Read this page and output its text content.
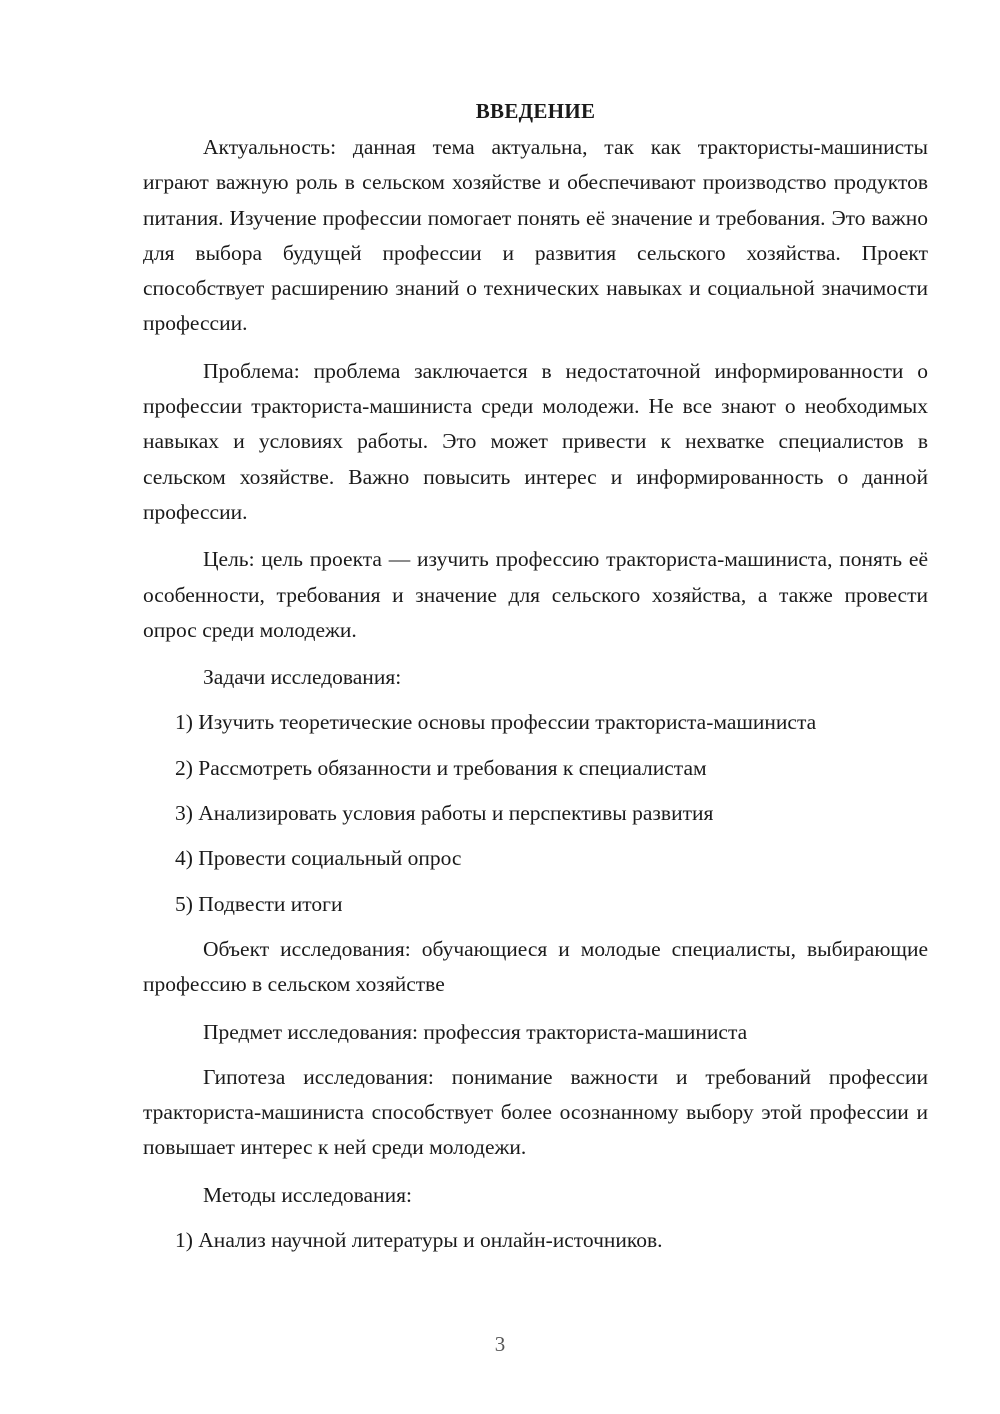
ВВЕДЕНИЕ

Актуальность: данная тема актуальна, так как трактористы-машинисты играют важную роль в сельском хозяйстве и обеспечивают производство продуктов питания. Изучение профессии помогает понять её значение и требования. Это важно для выбора будущей профессии и развития сельского хозяйства. Проект способствует расширению знаний о технических навыках и социальной значимости профессии.

Проблема: проблема заключается в недостаточной информированности о профессии тракториста-машиниста среди молодежи. Не все знают о необходимых навыках и условиях работы. Это может привести к нехватке специалистов в сельском хозяйстве. Важно повысить интерес и информированность о данной профессии.

Цель: цель проекта — изучить профессию тракториста-машиниста, понять её особенности, требования и значение для сельского хозяйства, а также провести опрос среди молодежи.

Задачи исследования:
1) Изучить теоретические основы профессии тракториста-машиниста
2) Рассмотреть обязанности и требования к специалистам
3) Анализировать условия работы и перспективы развития
4) Провести социальный опрос
5) Подвести итоги

Объект исследования: обучающиеся и молодые специалисты, выбирающие профессию в сельском хозяйстве

Предмет исследования: профессия тракториста-машиниста

Гипотеза исследования: понимание важности и требований профессии тракториста-машиниста способствует более осознанному выбору этой профессии и повышает интерес к ней среди молодежи.

Методы исследования:
1) Анализ научной литературы и онлайн-источников.
3
